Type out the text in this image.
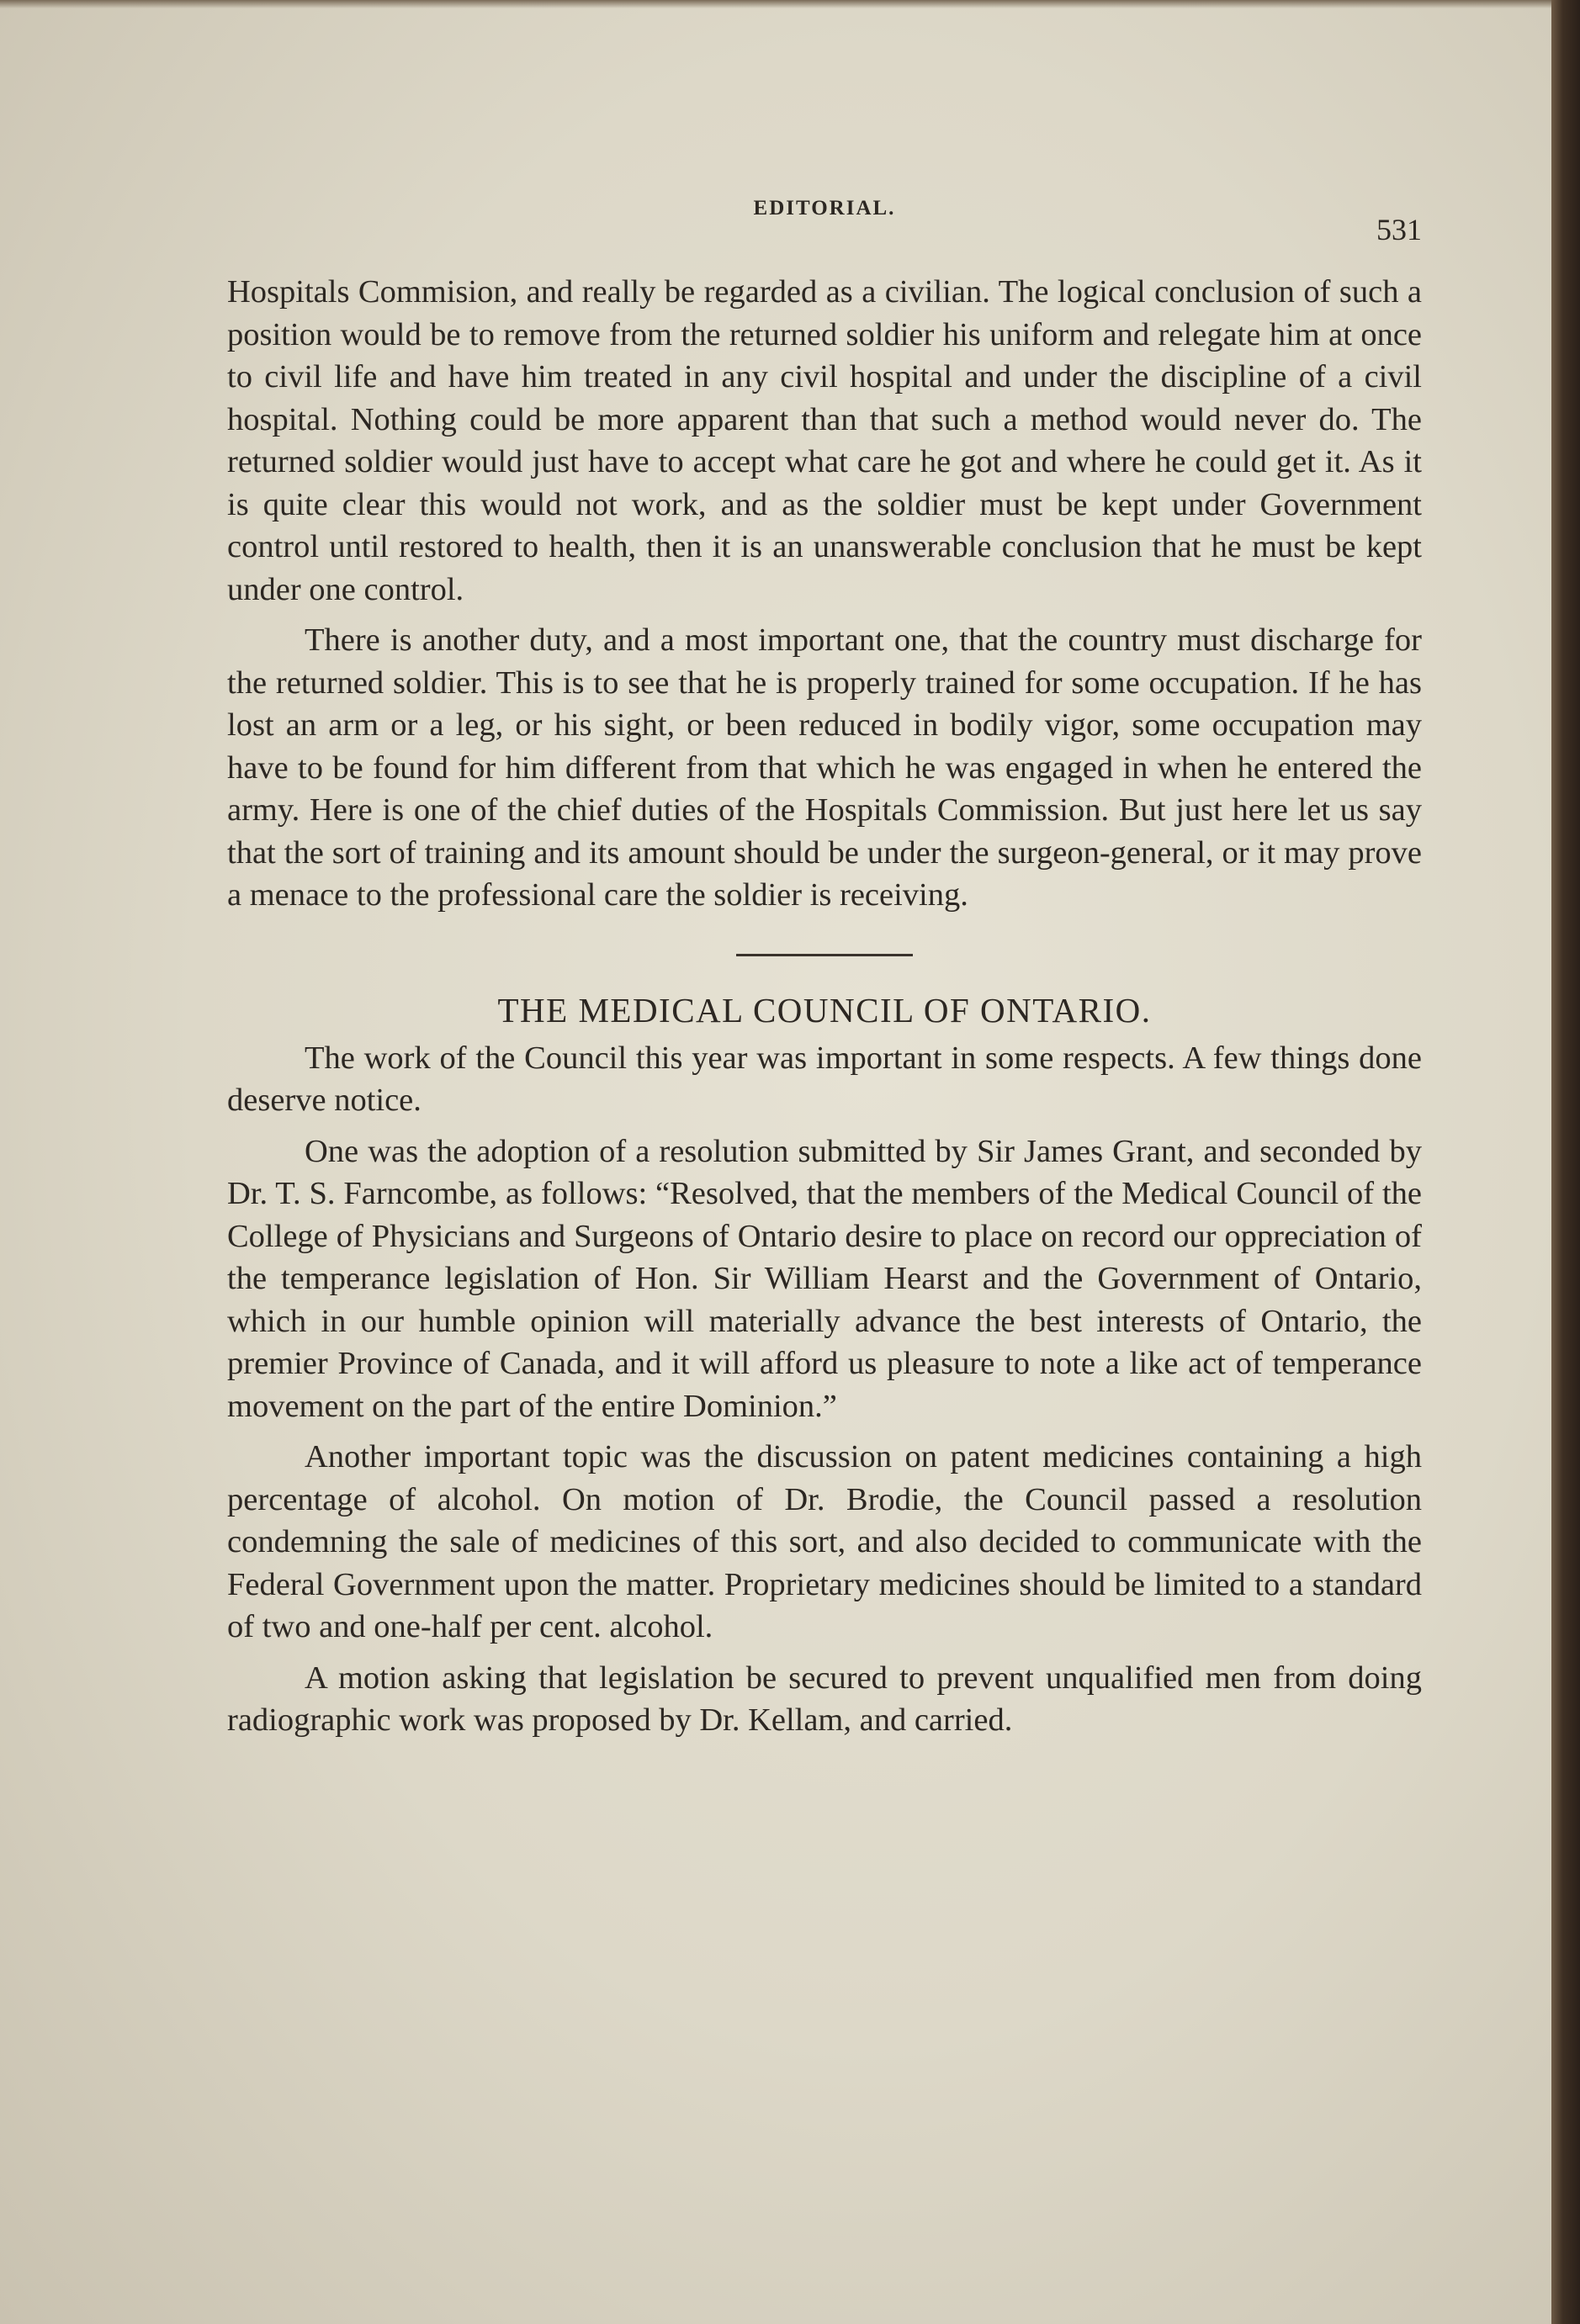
EDITORIAL.
531

Hospitals Commision, and really be regarded as a civilian. The logical conclusion of such a position would be to remove from the returned soldier his uniform and relegate him at once to civil life and have him treated in any civil hospital and under the discipline of a civil hospital. Nothing could be more apparent than that such a method would never do. The returned soldier would just have to accept what care he got and where he could get it. As it is quite clear this would not work, and as the soldier must be kept under Government control until restored to health, then it is an unanswerable conclusion that he must be kept under one control.

There is another duty, and a most important one, that the country must discharge for the returned soldier. This is to see that he is properly trained for some occupation. If he has lost an arm or a leg, or his sight, or been reduced in bodily vigor, some occupation may have to be found for him different from that which he was engaged in when he entered the army. Here is one of the chief duties of the Hospitals Commission. But just here let us say that the sort of training and its amount should be under the surgeon-general, or it may prove a menace to the professional care the soldier is receiving.

THE MEDICAL COUNCIL OF ONTARIO.

The work of the Council this year was important in some respects. A few things done deserve notice.

One was the adoption of a resolution submitted by Sir James Grant, and seconded by Dr. T. S. Farncombe, as follows: “Resolved, that the members of the Medical Council of the College of Physicians and Surgeons of Ontario desire to place on record our oppreciation of the temperance legislation of Hon. Sir William Hearst and the Government of Ontario, which in our humble opinion will materially advance the best interests of Ontario, the premier Province of Canada, and it will afford us pleasure to note a like act of temperance movement on the part of the entire Dominion.”

Another important topic was the discussion on patent medicines containing a high percentage of alcohol. On motion of Dr. Brodie, the Council passed a resolution condemning the sale of medicines of this sort, and also decided to communicate with the Federal Government upon the matter. Proprietary medicines should be limited to a standard of two and one-half per cent. alcohol.

A motion asking that legislation be secured to prevent unqualified men from doing radiographic work was proposed by Dr. Kellam, and carried.
